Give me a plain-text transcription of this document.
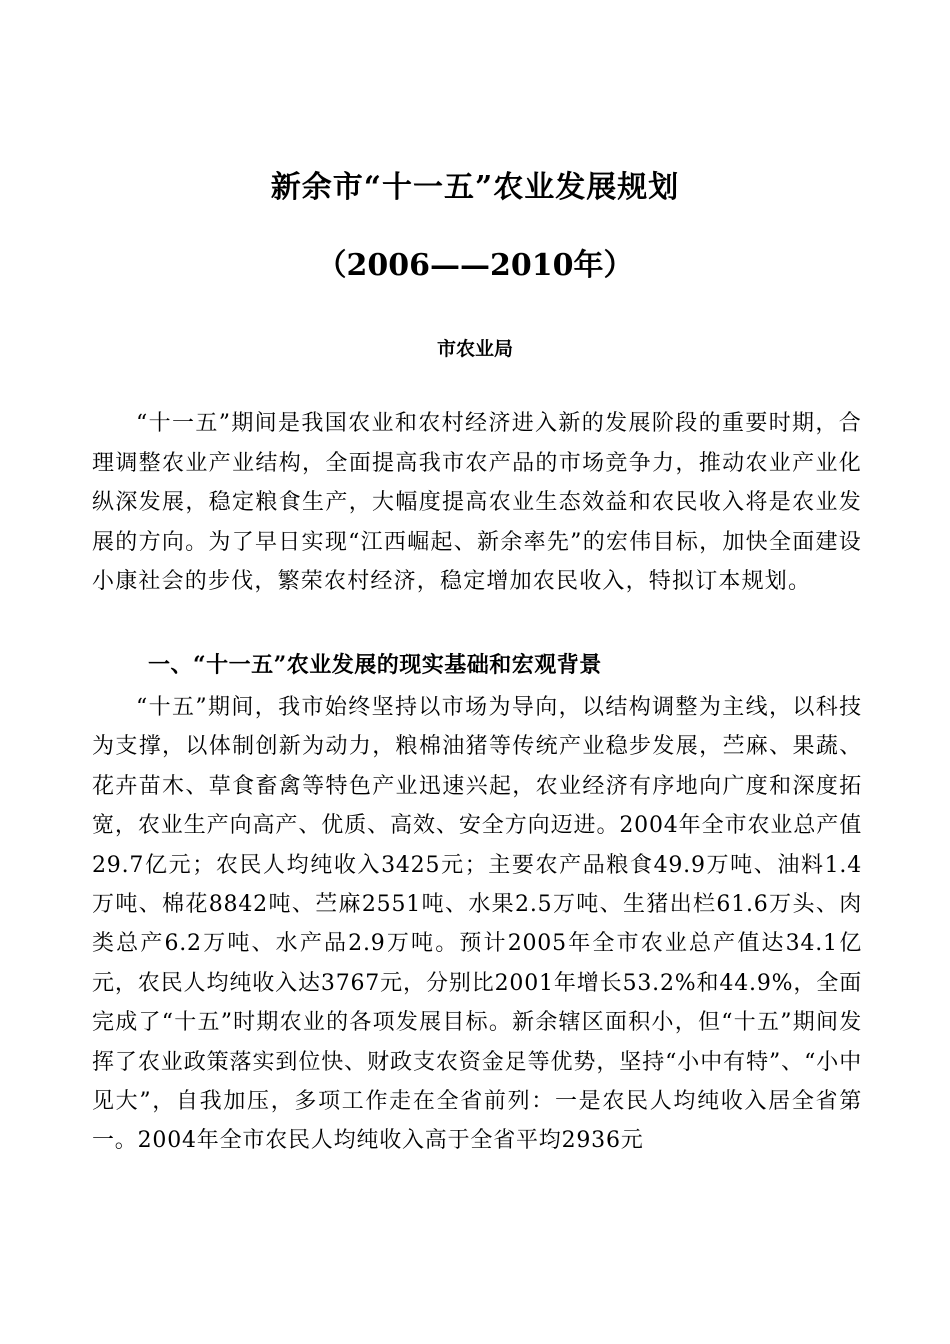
新余市“十一五”农业发展规划
（2006——2010年）
市农业局

“十一五”期间是我国农业和农村经济进入新的发展阶段的重要时期，合理调整农业产业结构，全面提高我市农产品的市场竞争力，推动农业产业化纵深发展，稳定粮食生产，大幅度提高农业生态效益和农民收入将是农业发展的方向。为了早日实现“江西崛起、新余率先”的宏伟目标，加快全面建设小康社会的步伐，繁荣农村经济，稳定增加农民收入，特拟订本规划。

一、“十一五”农业发展的现实基础和宏观背景

“十五”期间，我市始终坚持以市场为导向，以结构调整为主线，以科技为支撑，以体制创新为动力，粮棉油猪等传统产业稳步发展，苎麻、果蔬、花卉苗木、草食畜禽等特色产业迅速兴起，农业经济有序地向广度和深度拓宽，农业生产向高产、优质、高效、安全方向迈进。2004年全市农业总产值29.7亿元；农民人均纯收入3425元；主要农产品粮食49.9万吨、油料1.4万吨、棉花8842吨、苎麻2551吨、水果2.5万吨、生猪出栏61.6万头、肉类总产6.2万吨、水产品2.9万吨。预计2005年全市农业总产值达34.1亿元，农民人均纯收入达3767元，分别比2001年增长53.2%和44.9%，全面完成了“十五”时期农业的各项发展目标。新余辖区面积小，但“十五”期间发挥了农业政策落实到位快、财政支农资金足等优势，坚持“小中有特”、“小中见大”，自我加压，多项工作走在全省前列：一是农民人均纯收入居全省第一。2004年全市农民人均纯收入高于全省平均2936元
